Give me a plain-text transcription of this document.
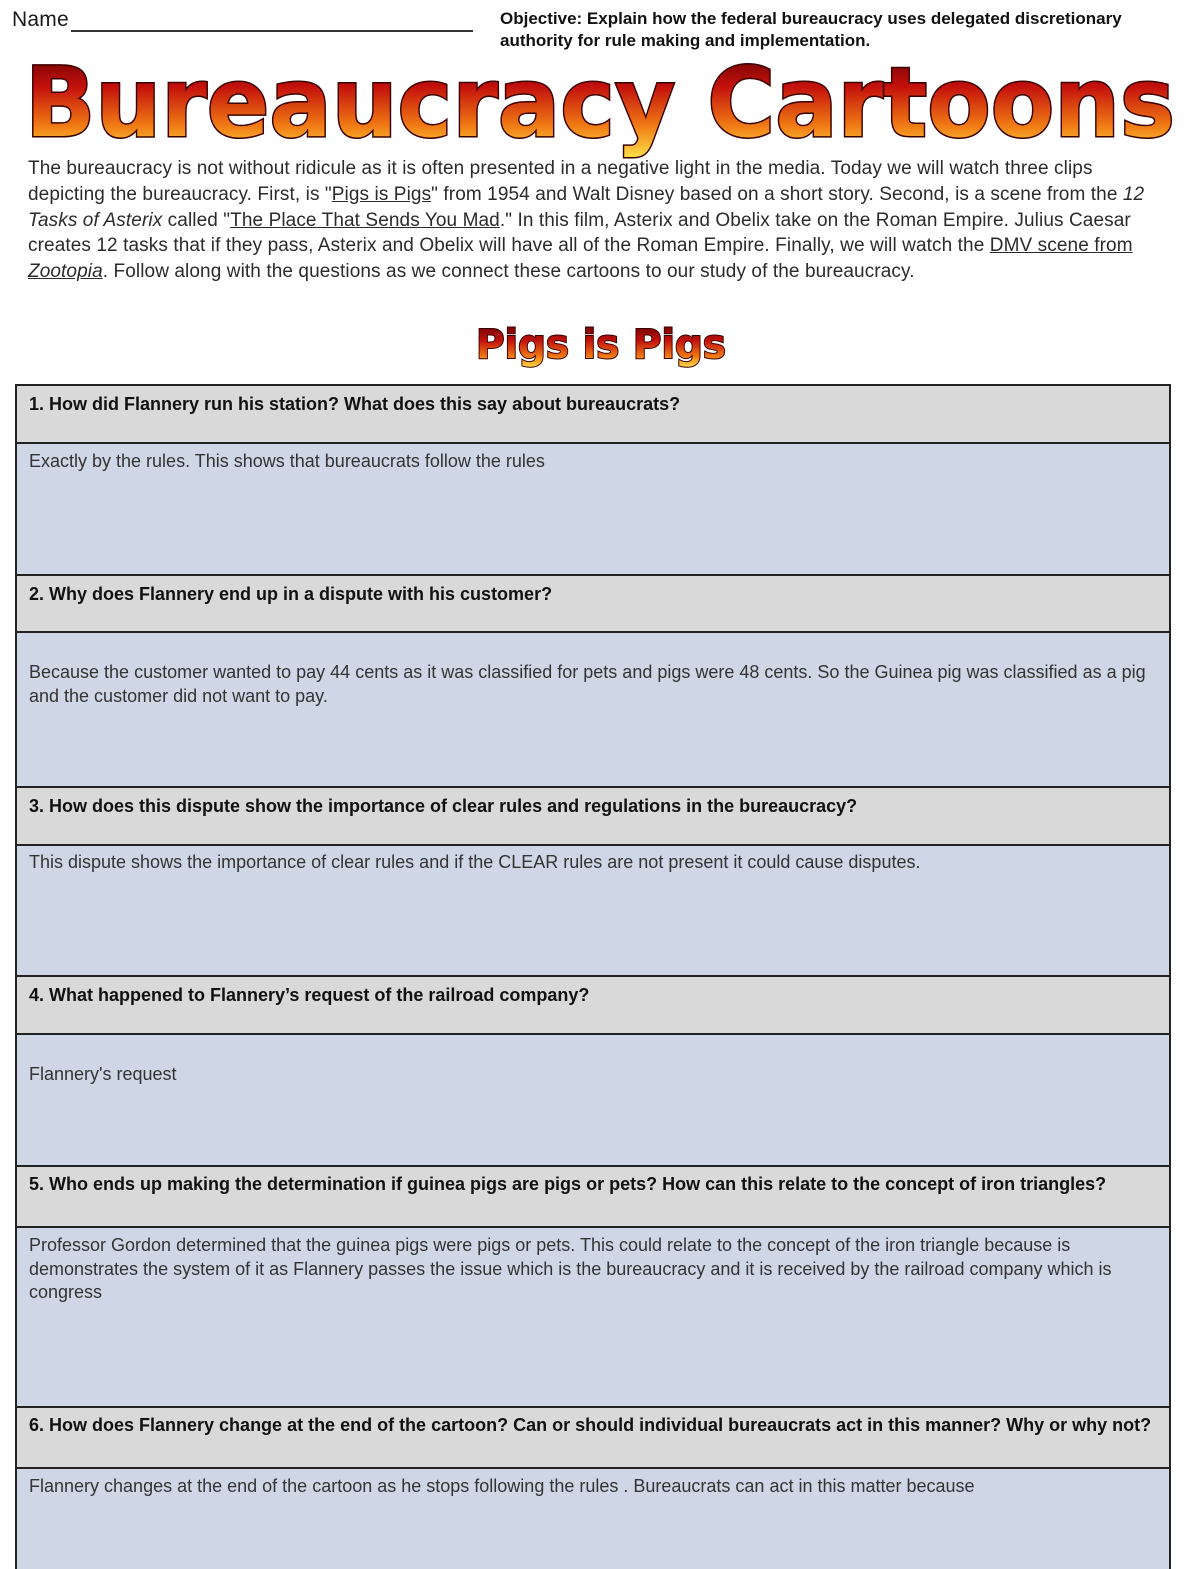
Name	Objective: Explain how the federal bureaucracy uses delegated discretionary authority for rule making and implementation.
Bureaucracy Cartoons
The bureaucracy is not without ridicule as it is often presented in a negative light in the media. Today we will watch three clips depicting the bureaucracy. First, is "Pigs is Pigs" from 1954 and Walt Disney based on a short story. Second, is a scene from the 12 Tasks of Asterix called "The Place That Sends You Mad." In this film, Asterix and Obelix take on the Roman Empire. Julius Caesar creates 12 tasks that if they pass, Asterix and Obelix will have all of the Roman Empire. Finally, we will watch the DMV scene from Zootopia. Follow along with the questions as we connect these cartoons to our study of the bureaucracy.
Pigs is Pigs
1. How did Flannery run his station? What does this say about bureaucrats?
Exactly by the rules. This shows that bureaucrats follow the rules
2. Why does Flannery end up in a dispute with his customer?
Because the customer wanted to pay 44 cents as it was classified for pets and pigs were 48 cents. So the Guinea pig was classified as a pig and the customer did not want to pay.
3. How does this dispute show the importance of clear rules and regulations in the bureaucracy?
This dispute shows the importance of clear rules and if the CLEAR rules are not present it could cause disputes.
4. What happened to Flannery’s request of the railroad company?
Flannery's request
5. Who ends up making the determination if guinea pigs are pigs or pets? How can this relate to the concept of iron triangles?
Professor Gordon determined that the guinea pigs were pigs or pets. This could relate to the concept of the iron triangle because is demonstrates the system of it as Flannery passes the issue which is the bureaucracy and it is received by the railroad company which is congress
6. How does Flannery change at the end of the cartoon? Can or should individual bureaucrats act in this manner? Why or why not?
Flannery changes at the end of the cartoon as he stops following the rules . Bureaucrats can act in this matter because
